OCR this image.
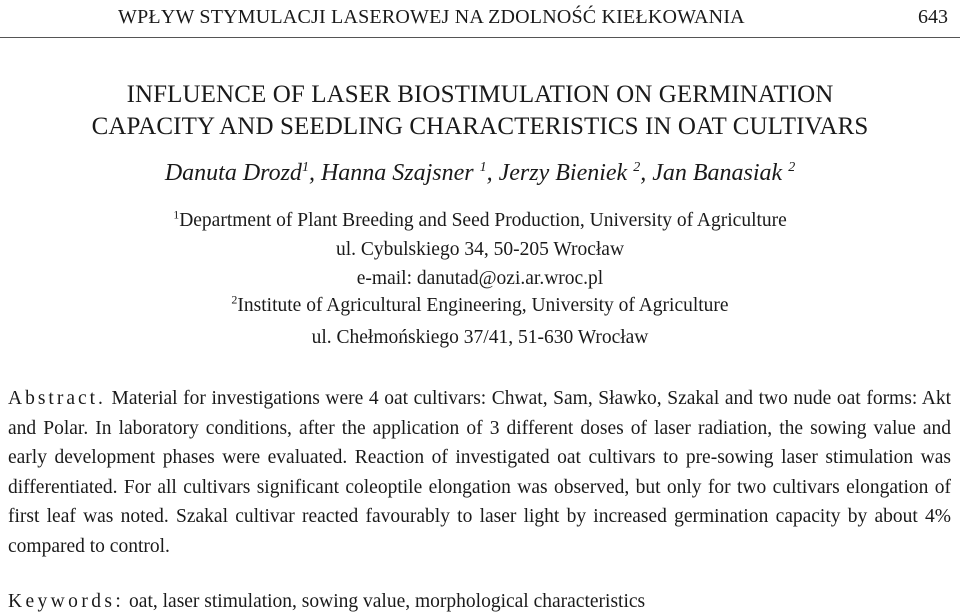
WPŁYW STYMULACJI LASEROWEJ NA ZDOLNOŚĆ KIEŁKOWANIA	643
INFLUENCE OF LASER BIOSTIMULATION ON GERMINATION
CAPACITY AND SEEDLING CHARACTERISTICS IN OAT CULTIVARS
Danuta Drozd$^1$, Hanna Szajsner $^1$, Jerzy Bieniek $^2$, Jan Banasiak $^2$
$^1$Department of Plant Breeding and Seed Production, University of Agriculture
ul. Cybulskiego 34, 50-205 Wrocław
e-mail: danutad@ozi.ar.wroc.pl
$^2$Institute of Agricultural Engineering, University of Agriculture
ul. Chełmońskiego 37/41, 51-630 Wrocław
Abstract. Material for investigations were 4 oat cultivars: Chwat, Sam, Sławko, Szakal and two nude oat forms: Akt and Polar. In laboratory conditions, after the application of 3 different doses of laser radiation, the sowing value and early development phases were evaluated. Reaction of investigated oat cultivars to pre-sowing laser stimulation was differentiated. For all cultivars significant coleoptile elongation was observed, but only for two cultivars elongation of first leaf was noted. Szakal cultivar reacted favourably to laser light by increased germination capacity by about 4% compared to control.
Keywords: oat, laser stimulation, sowing value, morphological characteristics
